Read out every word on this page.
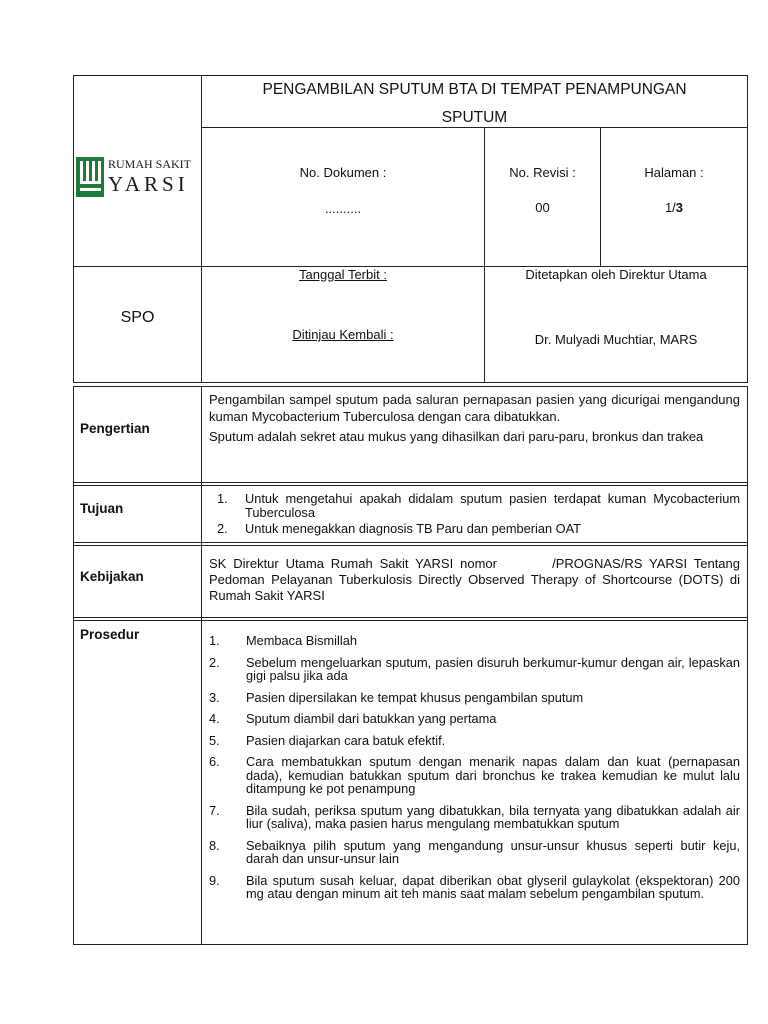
PENGAMBILAN SPUTUM BTA DI TEMPAT PENAMPUNGAN
SPUTUM
RUMAH SAKIT
YARSI	No. Dokumen :
..........
No. Revisi :
00
Halaman :
1/3
SPO
Tanggal Terbit :
Ditinjau Kembali :
Ditetapkan oleh Direktur Utama
Dr. Mulyadi Muchtiar, MARS
Pengertian
Pengambilan sampel sputum pada saluran pernapasan pasien yang dicurigai mengandung kuman Mycobacterium Tuberculosa dengan cara dibatukkan.
Sputum adalah sekret atau mukus yang dihasilkan dari paru-paru, bronkus dan trakea
Tujuan
1. Untuk mengetahui apakah didalam sputum pasien terdapat kuman Mycobacterium Tuberculosa
2. Untuk menegakkan diagnosis TB Paru dan pemberian OAT
Kebijakan
SK Direktur Utama Rumah Sakit YARSI nomor        /PROGNAS/RS YARSI Tentang Pedoman Pelayanan Tuberkulosis Directly Observed Therapy of Shortcourse (DOTS) di Rumah Sakit YARSI
Prosedur	1. Membaca Bismillah
2. Sebelum mengeluarkan sputum, pasien disuruh berkumur-kumur dengan air, lepaskan gigi palsu jika ada
3. Pasien dipersilakan ke tempat khusus pengambilan sputum
4. Sputum diambil dari batukkan yang pertama
5. Pasien diajarkan cara batuk efektif.
6. Cara membatukkan sputum dengan menarik napas dalam dan kuat (pernapasan dada), kemudian batukkan sputum dari bronchus ke trakea kemudian ke mulut lalu ditampung ke pot penampung
7. Bila sudah, periksa sputum yang dibatukkan, bila ternyata yang dibatukkan adalah air liur (saliva), maka pasien harus mengulang membatukkan sputum
8. Sebaiknya pilih sputum yang mengandung unsur-unsur khusus seperti butir keju, darah dan unsur-unsur lain
9. Bila sputum susah keluar, dapat diberikan obat glyseril gulaykolat (ekspektoran) 200 mg atau dengan minum ait teh manis saat malam sebelum pengambilan sputum.
